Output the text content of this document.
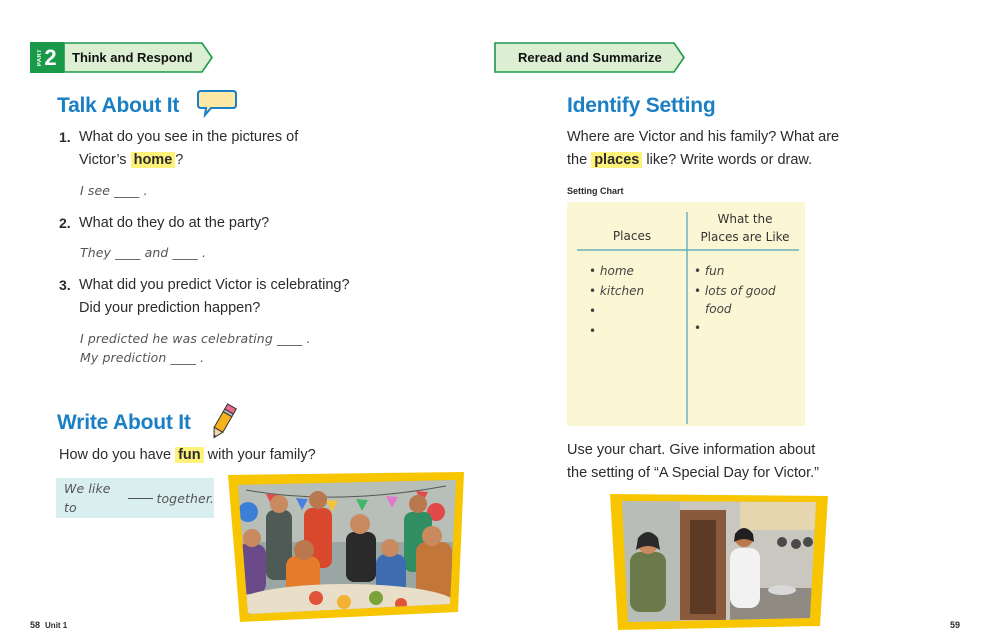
PART 2 Think and Respond
Talk About It
1. What do you see in the pictures of
Victor’s home ?
I see ____ .
2. What do they do at the party?
They ____ and ____ .
3. What did you predict Victor is celebrating?
Did your prediction happen?
I predicted he was celebrating ____ .
My prediction ____ .
Write About It
How do you have fun with your family?
We like to
together.
58 Unit 1
Reread and Summarize
Identify Setting
Where are Victor and his family? What are
the places like? Write words or draw.
Setting Chart
Places
What the
Places are Like
• home
• kitchen
•
•
• fun
• lots of good
food
•
Use your chart. Give information about
the setting of “A Special Day for Victor.”
59
